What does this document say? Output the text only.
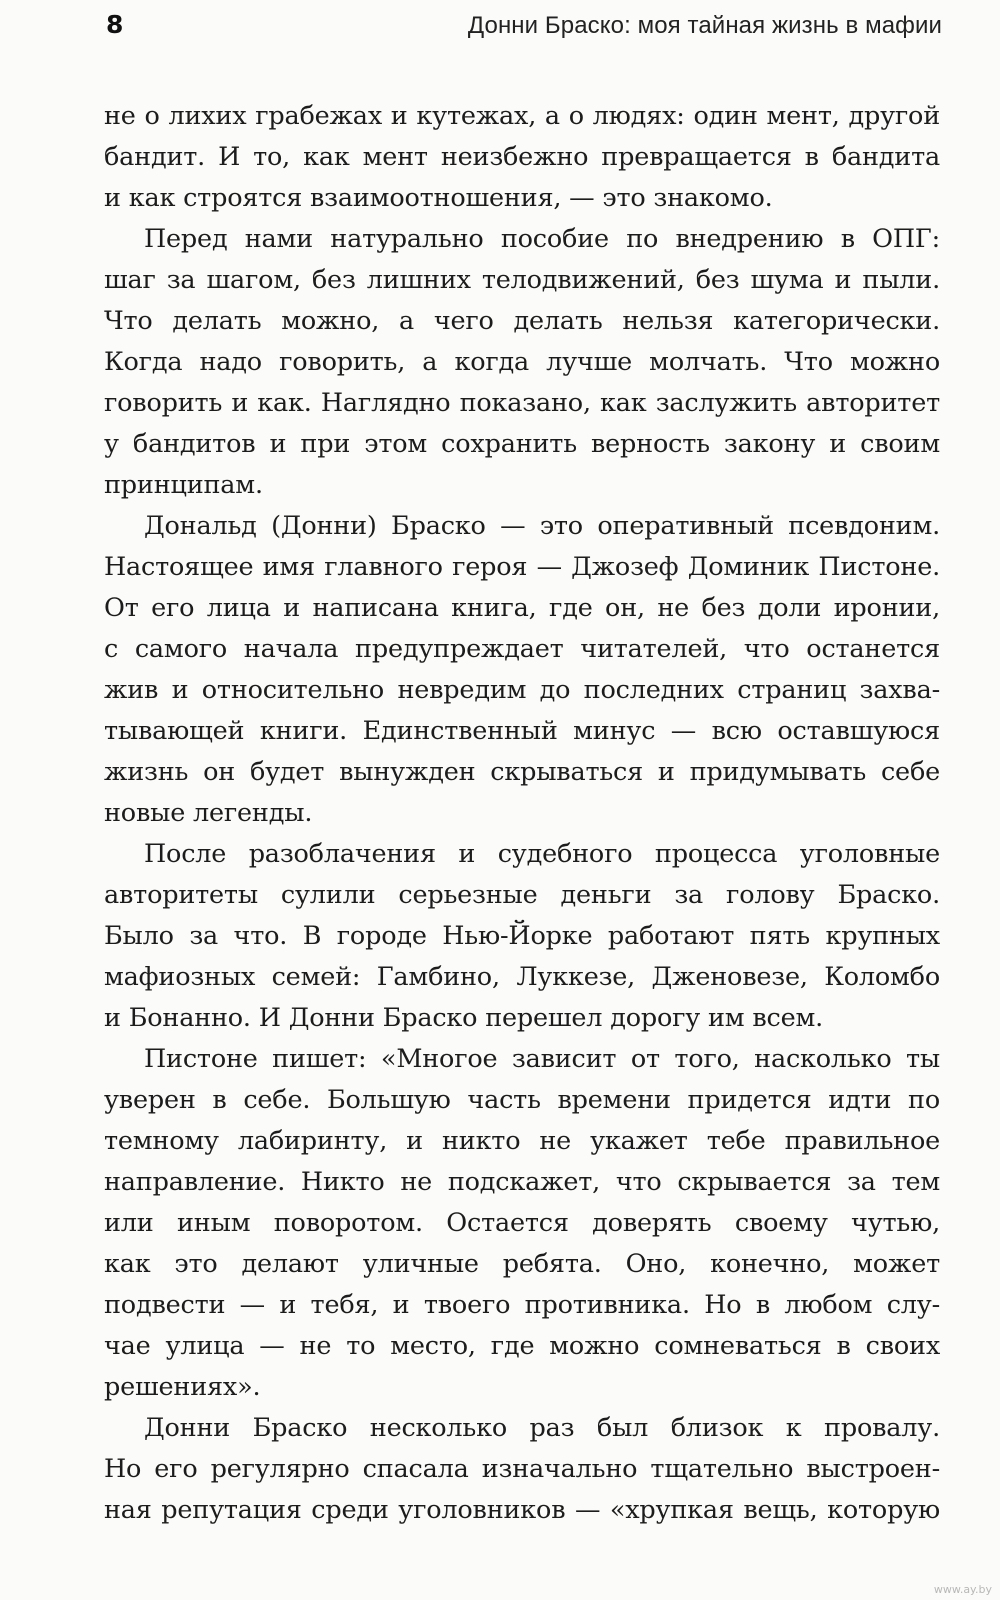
8	Донни Браско: моя тайная жизнь в мафии
не о лихих грабежах и кутежах, а о людях: один мент, другой
бандит. И то, как мент неизбежно превращается в бандита
и как строятся взаимоотношения, — это знакомо.
Перед нами натурально пособие по внедрению в ОПГ:
шаг за шагом, без лишних телодвижений, без шума и пыли.
Что делать можно, а чего делать нельзя категорически.
Когда надо говорить, а когда лучше молчать. Что можно
говорить и как. Наглядно показано, как заслужить авторитет
у бандитов и при этом сохранить верность закону и своим
принципам.
Дональд (Донни) Браско — это оперативный псевдоним.
Настоящее имя главного героя — Джозеф Доминик Пистоне.
От его лица и написана книга, где он, не без доли иронии,
с самого начала предупреждает читателей, что останется
жив и относительно невредим до последних страниц захва-
тывающей книги. Единственный минус — всю оставшуюся
жизнь он будет вынужден скрываться и придумывать себе
новые легенды.
После разоблачения и судебного процесса уголовные
авторитеты сулили серьезные деньги за голову Браско.
Было за что. В городе Нью-Йорке работают пять крупных
мафиозных семей: Гамбино, Луккезе, Дженовезе, Коломбо
и Бонанно. И Донни Браско перешел дорогу им всем.
Пистоне пишет: «Многое зависит от того, насколько ты
уверен в себе. Большую часть времени придется идти по
темному лабиринту, и никто не укажет тебе правильное
направление. Никто не подскажет, что скрывается за тем
или иным поворотом. Остается доверять своему чутью,
как это делают уличные ребята. Оно, конечно, может
подвести — и тебя, и твоего противника. Но в любом слу-
чае улица — не то место, где можно сомневаться в своих
решениях».
Донни Браско несколько раз был близок к провалу.
Но его регулярно спасала изначально тщательно выстроен-
ная репутация среди уголовников — «хрупкая вещь, которую
www.ay.by
